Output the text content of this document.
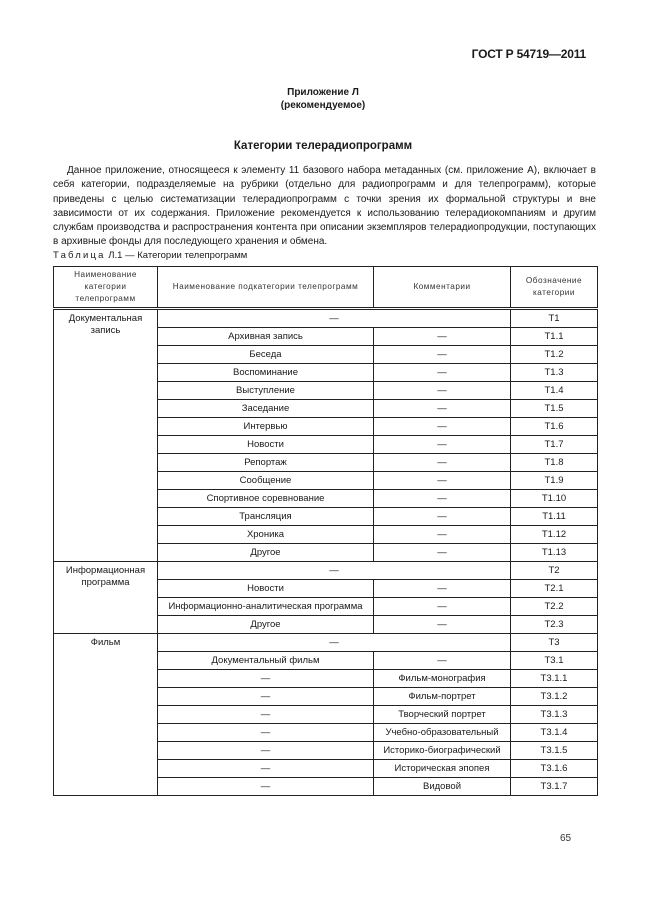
ГОСТ Р 54719—2011
Приложение Л
(рекомендуемое)
Категории телерадиопрограмм

Данное приложение, относящееся к элементу 11 базового набора метаданных (см. приложение А), включает в себя категории, подразделяемые на рубрики (отдельно для радиопрограмм и для телепрограмм), которые приведены с целью систематизации телерадиопрограмм с точки зрения их формальной структуры и вне зависимости от их содержания. Приложение рекомендуется к использованию телерадиокомпаниям и другим службам производства и распространения контента при описании экземпляров телерадиопродукции, поступающих в архивные фонды для последующего хранения и обмена.

Таблица Л.1 — Категории телепрограмм
Наименование категории телепрограмм	Наименование подкатегории телепрограмм	Комментарии	Обозначение категории
Документальная запись	—		T1
	Архивная запись	—	T1.1
	Беседа	—	T1.2
	Воспоминание	—	T1.3
	Выступление	—	T1.4
	Заседание	—	T1.5
	Интервью	—	T1.6
	Новости	—	T1.7
	Репортаж	—	T1.8
	Сообщение	—	T1.9
	Спортивное соревнование	—	T1.10
	Трансляция	—	T1.11
	Хроника	—	T1.12
	Другое	—	T1.13
Информационная программа	—		T2
	Новости	—	T2.1
	Информационно-аналитическая программа	—	T2.2
	Другое	—	T2.3
Фильм	—		T3
	Документальный фильм	—	T3.1
	—	Фильм-монография	T3.1.1
	—	Фильм-портрет	T3.1.2
	—	Творческий портрет	T3.1.3
	—	Учебно-образовательный	T3.1.4
	—	Историко-биографический	T3.1.5
	—	Историческая эпопея	T3.1.6
	—	Видовой	T3.1.7
65
